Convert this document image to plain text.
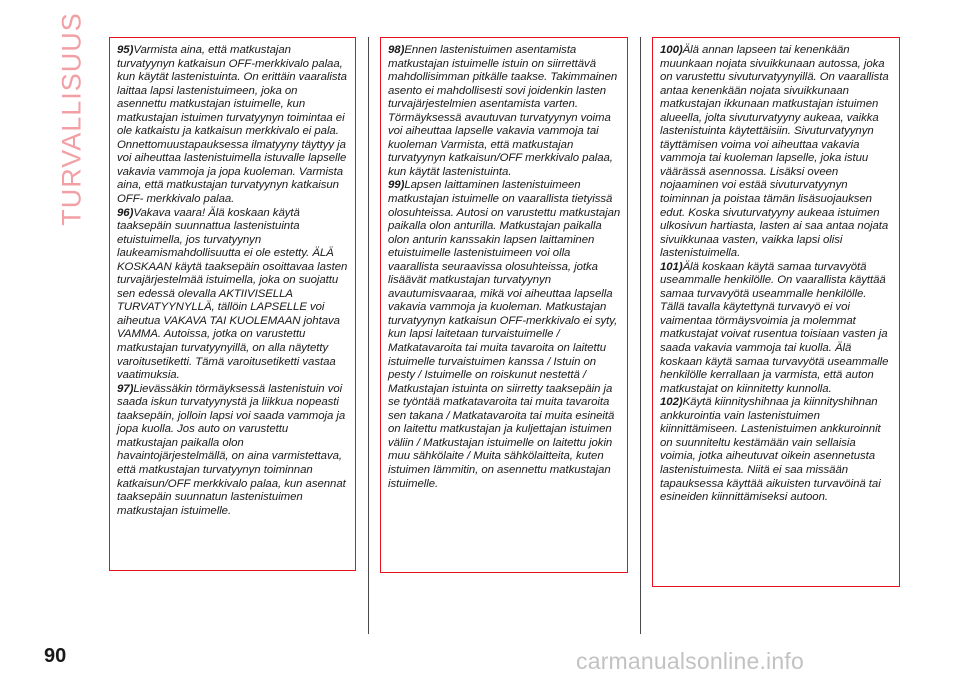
TURVALLISUUS	95)Varmista aina, että matkustajan turvatyynyn katkaisun OFF-merkkivalo palaa, kun käytät lastenistuinta. On erittäin vaaralista laittaa lapsi lastenistuimeen, joka on asennettu matkustajan istuimelle, kun matkustajan istuimen turvatyynyn toimintaa ei ole katkaistu ja katkaisun merkkivalo ei pala. Onnettomuustapauksessa ilmatyyny täyttyy ja voi aiheuttaa lastenistuimella istuvalle lapselle vakavia vammoja ja jopa kuoleman. Varmista aina, että matkustajan turvatyynyn katkaisun OFF- merkkivalo palaa.

96)Vakava vaara! Älä koskaan käytä taaksepäin suunnattua lastenistuinta etuistuimella, jos turvatyynyn laukeamismahdollisuutta ei ole estetty. ÄLÄ KOSKAAN käytä taaksepäin osoittavaa lasten turvajärjestelmää istuimella, joka on suojattu sen edessä olevalla AKTIIVISELLA TURVATYYNYLLÄ, tällöin LAPSELLE voi aiheutua VAKAVA TAI KUOLEMAAN johtava VAMMA. Autoissa, jotka on varustettu matkustajan turvatyynyillä, on alla näytetty varoitusetiketti. Tämä varoitusetiketti vastaa vaatimuksia.

97)Lievässäkin törmäyksessä lastenistuin voi saada iskun turvatyynystä ja liikkua nopeasti taaksepäin, jolloin lapsi voi saada vammoja ja jopa kuolla. Jos auto on varustettu matkustajan paikalla olon havaintojärjestelmällä, on aina varmistettava, että matkustajan turvatyynyn toiminnan katkaisun/OFF merkkivalo palaa, kun asennat taaksepäin suunnatun lastenistuimen matkustajan istuimelle.

98)Ennen lastenistuimen asentamista matkustajan istuimelle istuin on siirrettävä mahdollisimman pitkälle taakse. Takimmainen asento ei mahdollisesti sovi joidenkin lasten turvajärjestelmien asentamista varten. Törmäyksessä avautuvan turvatyynyn voima voi aiheuttaa lapselle vakavia vammoja tai kuoleman Varmista, että matkustajan turvatyynyn katkaisun/OFF merkkivalo palaa, kun käytät lastenistuinta.

99)Lapsen laittaminen lastenistuimeen matkustajan istuimelle on vaarallista tietyissä olosuhteissa. Autosi on varustettu matkustajan paikalla olon anturilla. Matkustajan paikalla olon anturin kanssakin lapsen laittaminen etuistuimelle lastenistuimeen voi olla vaarallista seuraavissa olosuhteissa, jotka lisäävät matkustajan turvatyynyn avautumisvaaraa, mikä voi aiheuttaa lapsella vakavia vammoja ja kuoleman. Matkustajan turvatyynyn katkaisun OFF-merkkivalo ei syty, kun lapsi laitetaan turvaistuimelle / Matkatavaroita tai muita tavaroita on laitettu istuimelle turvaistuimen kanssa / Istuin on pesty / Istuimelle on roiskunut nestettä / Matkustajan istuinta on siirretty taaksepäin ja se työntää matkatavaroita tai muita tavaroita sen takana / Matkatavaroita tai muita esineitä on laitettu matkustajan ja kuljettajan istuimen väliin / Matkustajan istuimelle on laitettu jokin muu sähkölaite / Muita sähkölaitteita, kuten istuimen lämmitin, on asennettu matkustajan istuimelle.

100)Älä annan lapseen tai kenenkään muunkaan nojata sivuikkunaan autossa, joka on varustettu sivuturvatyynyillä. On vaarallista antaa kenenkään nojata sivuikkunaan matkustajan ikkunaan matkustajan istuimen alueella, jolta sivuturvatyyny aukeaa, vaikka lastenistuinta käytettäisiin. Sivuturvatyynyn täyttämisen voima voi aiheuttaa vakavia vammoja tai kuoleman lapselle, joka istuu väärässä asennossa. Lisäksi oveen nojaaminen voi estää sivuturvatyynyn toiminnan ja poistaa tämän lisäsuojauksen edut. Koska sivuturvatyyny aukeaa istuimen ulkosivun hartiasta, lasten ai saa antaa nojata sivuikkunaa vasten, vaikka lapsi olisi lastenistuimella.

101)Älä koskaan käytä samaa turvavyötä useammalle henkilölle. On vaarallista käyttää samaa turvavyötä useammalle henkilölle. Tällä tavalla käytettynä turvavyö ei voi vaimentaa törmäysvoimia ja molemmat matkustajat voivat rusentua toisiaan vasten ja saada vakavia vammoja tai kuolla. Älä koskaan käytä samaa turvavyötä useammalle henkilölle kerrallaan ja varmista, että auton matkustajat on kiinnitetty kunnolla.

102)Käytä kiinnityshihnaa ja kiinnityshihnan ankkurointia vain lastenistuimen kiinnittämiseen. Lastenistuimen ankkuroinnit on suunniteltu kestämään vain sellaisia voimia, jotka aiheutuvat oikein asennetusta lastenistuimesta. Niitä ei saa missään tapauksessa käyttää aikuisten turvavöinä tai esineiden kiinnittämiseksi autoon.

90	carmanualsonline.info
